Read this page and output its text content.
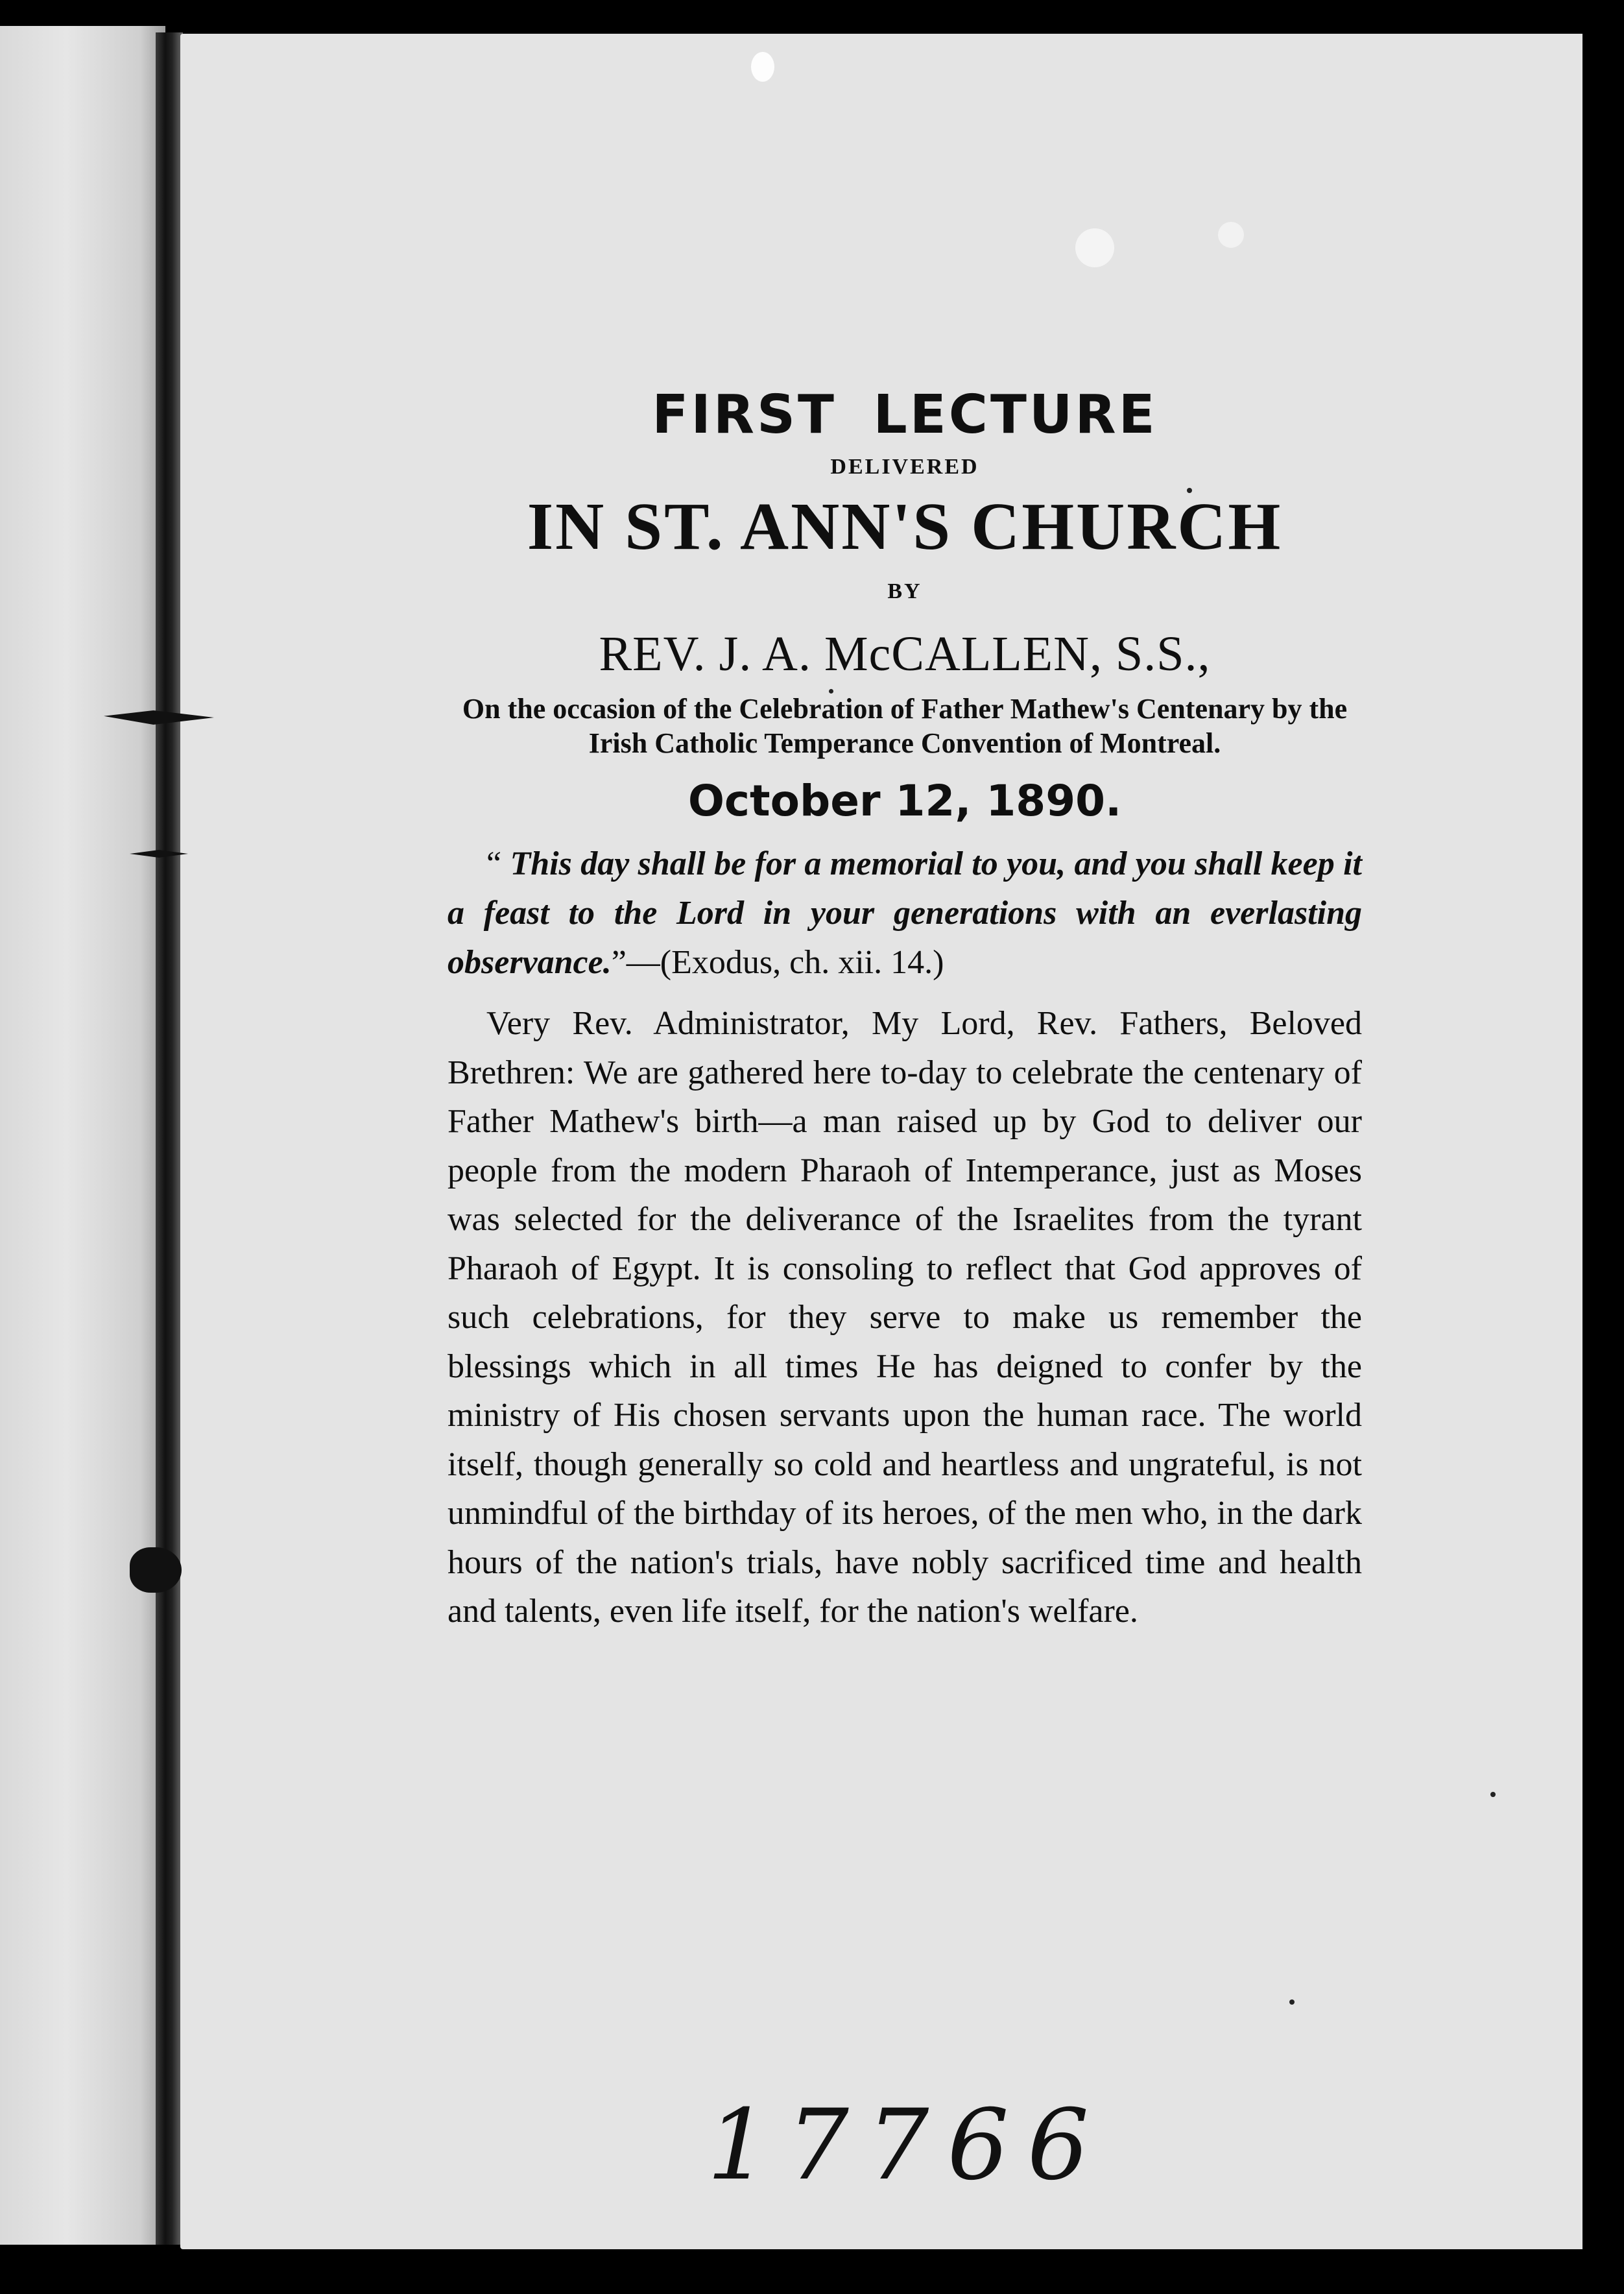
FIRST LECTURE

DELIVERED

IN ST. ANN'S CHURCH

BY

REV. J. A. McCALLEN, S.S.,

On the occasion of the Celebration of Father Mathew's Centenary by the Irish Catholic Temperance Convention of Montreal.

October 12, 1890.

“ This day shall be for a memorial to you, and you shall keep it a feast to the Lord in your generations with an everlasting observance.”—(Exodus, ch. xii. 14.)

Very Rev. Administrator, My Lord, Rev. Fathers, Beloved Brethren: We are gathered here to-day to celebrate the centenary of Father Mathew's birth—a man raised up by God to deliver our people from the modern Pharaoh of Intemperance, just as Moses was selected for the deliverance of the Israelites from the tyrant Pharaoh of Egypt. It is consoling to reflect that God approves of such celebrations, for they serve to make us remember the blessings which in all times He has deigned to confer by the ministry of His chosen servants upon the human race. The world itself, though generally so cold and heartless and ungrateful, is not unmindful of the birthday of its heroes, of the men who, in the dark hours of the nation's trials, have nobly sacrificed time and health and talents, even life itself, for the nation's welfare.

17766
